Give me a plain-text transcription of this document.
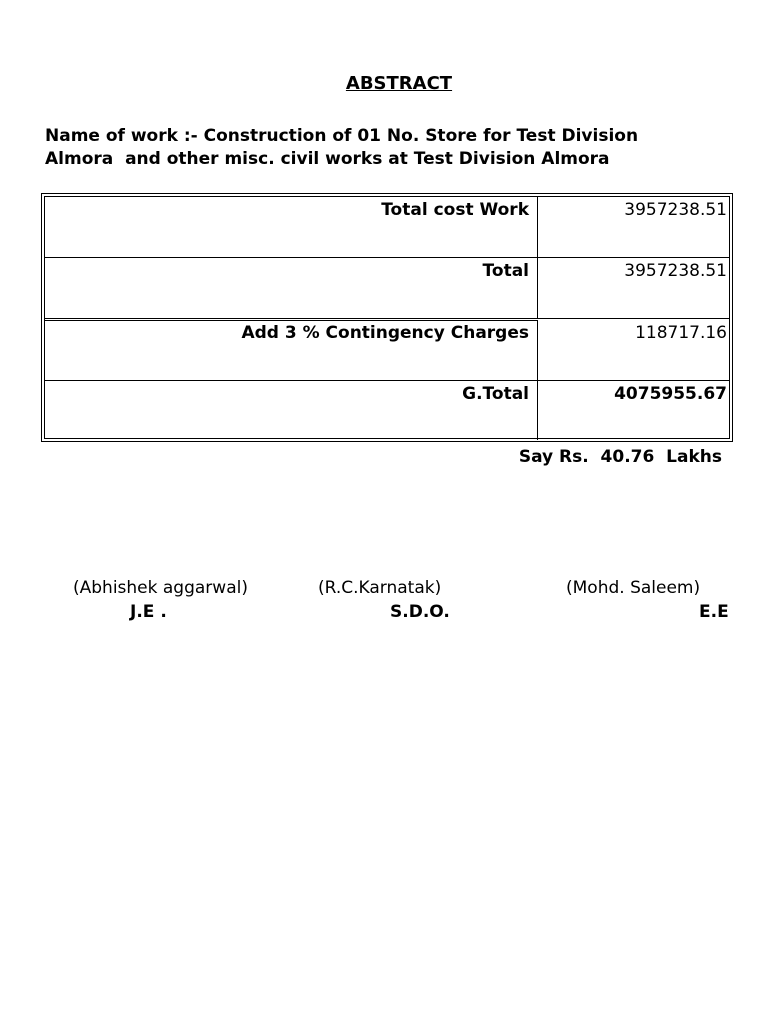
ABSTRACT
Name of work :- Construction of 01 No. Store for Test Division
Almora  and other misc. civil works at Test Division Almora
Total cost Work	3957238.51
Total	3957238.51
Add 3 % Contingency Charges	118717.16
G.Total	4075955.67
Say Rs.  40.76  Lakhs
(Abhishek aggarwal)	(R.C.Karnatak)	(Mohd. Saleem)
J.E .	S.D.O.	E.E
